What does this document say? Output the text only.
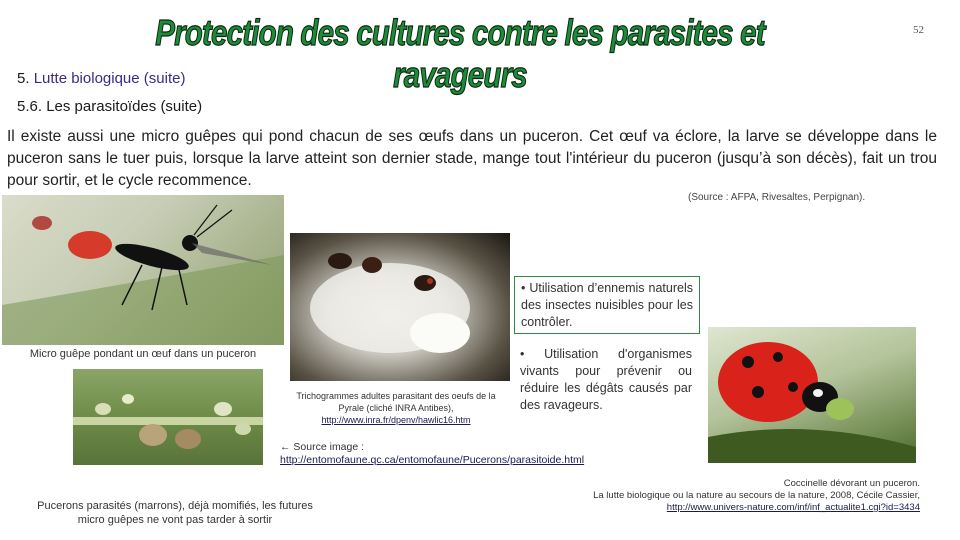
Protection des cultures contre les parasites et ravageurs
52
5. Lutte biologique (suite)
5.6. Les parasitoïdes (suite)
Il existe aussi une micro guêpes qui pond chacun de ses œufs dans un puceron. Cet œuf va éclore, la larve se développe dans le puceron sans le tuer puis, lorsque la larve atteint son dernier stade, mange tout l'intérieur du puceron (jusqu’à son décès), fait un trou pour sortir, et le cycle recommence.
(Source : AFPA, Rivesaltes, Perpignan).
Micro guêpe pondant un œuf dans un puceron
Trichogrammes adultes parasitant des oeufs de la Pyrale (cliché INRA Antibes),
http://www.inra.fr/dpenv/hawlic16.htm
← Source image :
http://entomofaune.qc.ca/entomofaune/Pucerons/parasitoide.html
Pucerons parasités (marrons), déjà momifiés, les futures micro guêpes ne vont pas tarder à sortir
• Utilisation d’ennemis naturels des insectes nuisibles pour les contrôler.
• Utilisation d'organismes vivants pour prévenir ou réduire les dégâts causés par des ravageurs.
Coccinelle dévorant un puceron.
La lutte biologique ou la nature au secours de la nature, 2008, Cécile Cassier,
http://www.univers-nature.com/inf/inf_actualite1.cgi?id=3434
